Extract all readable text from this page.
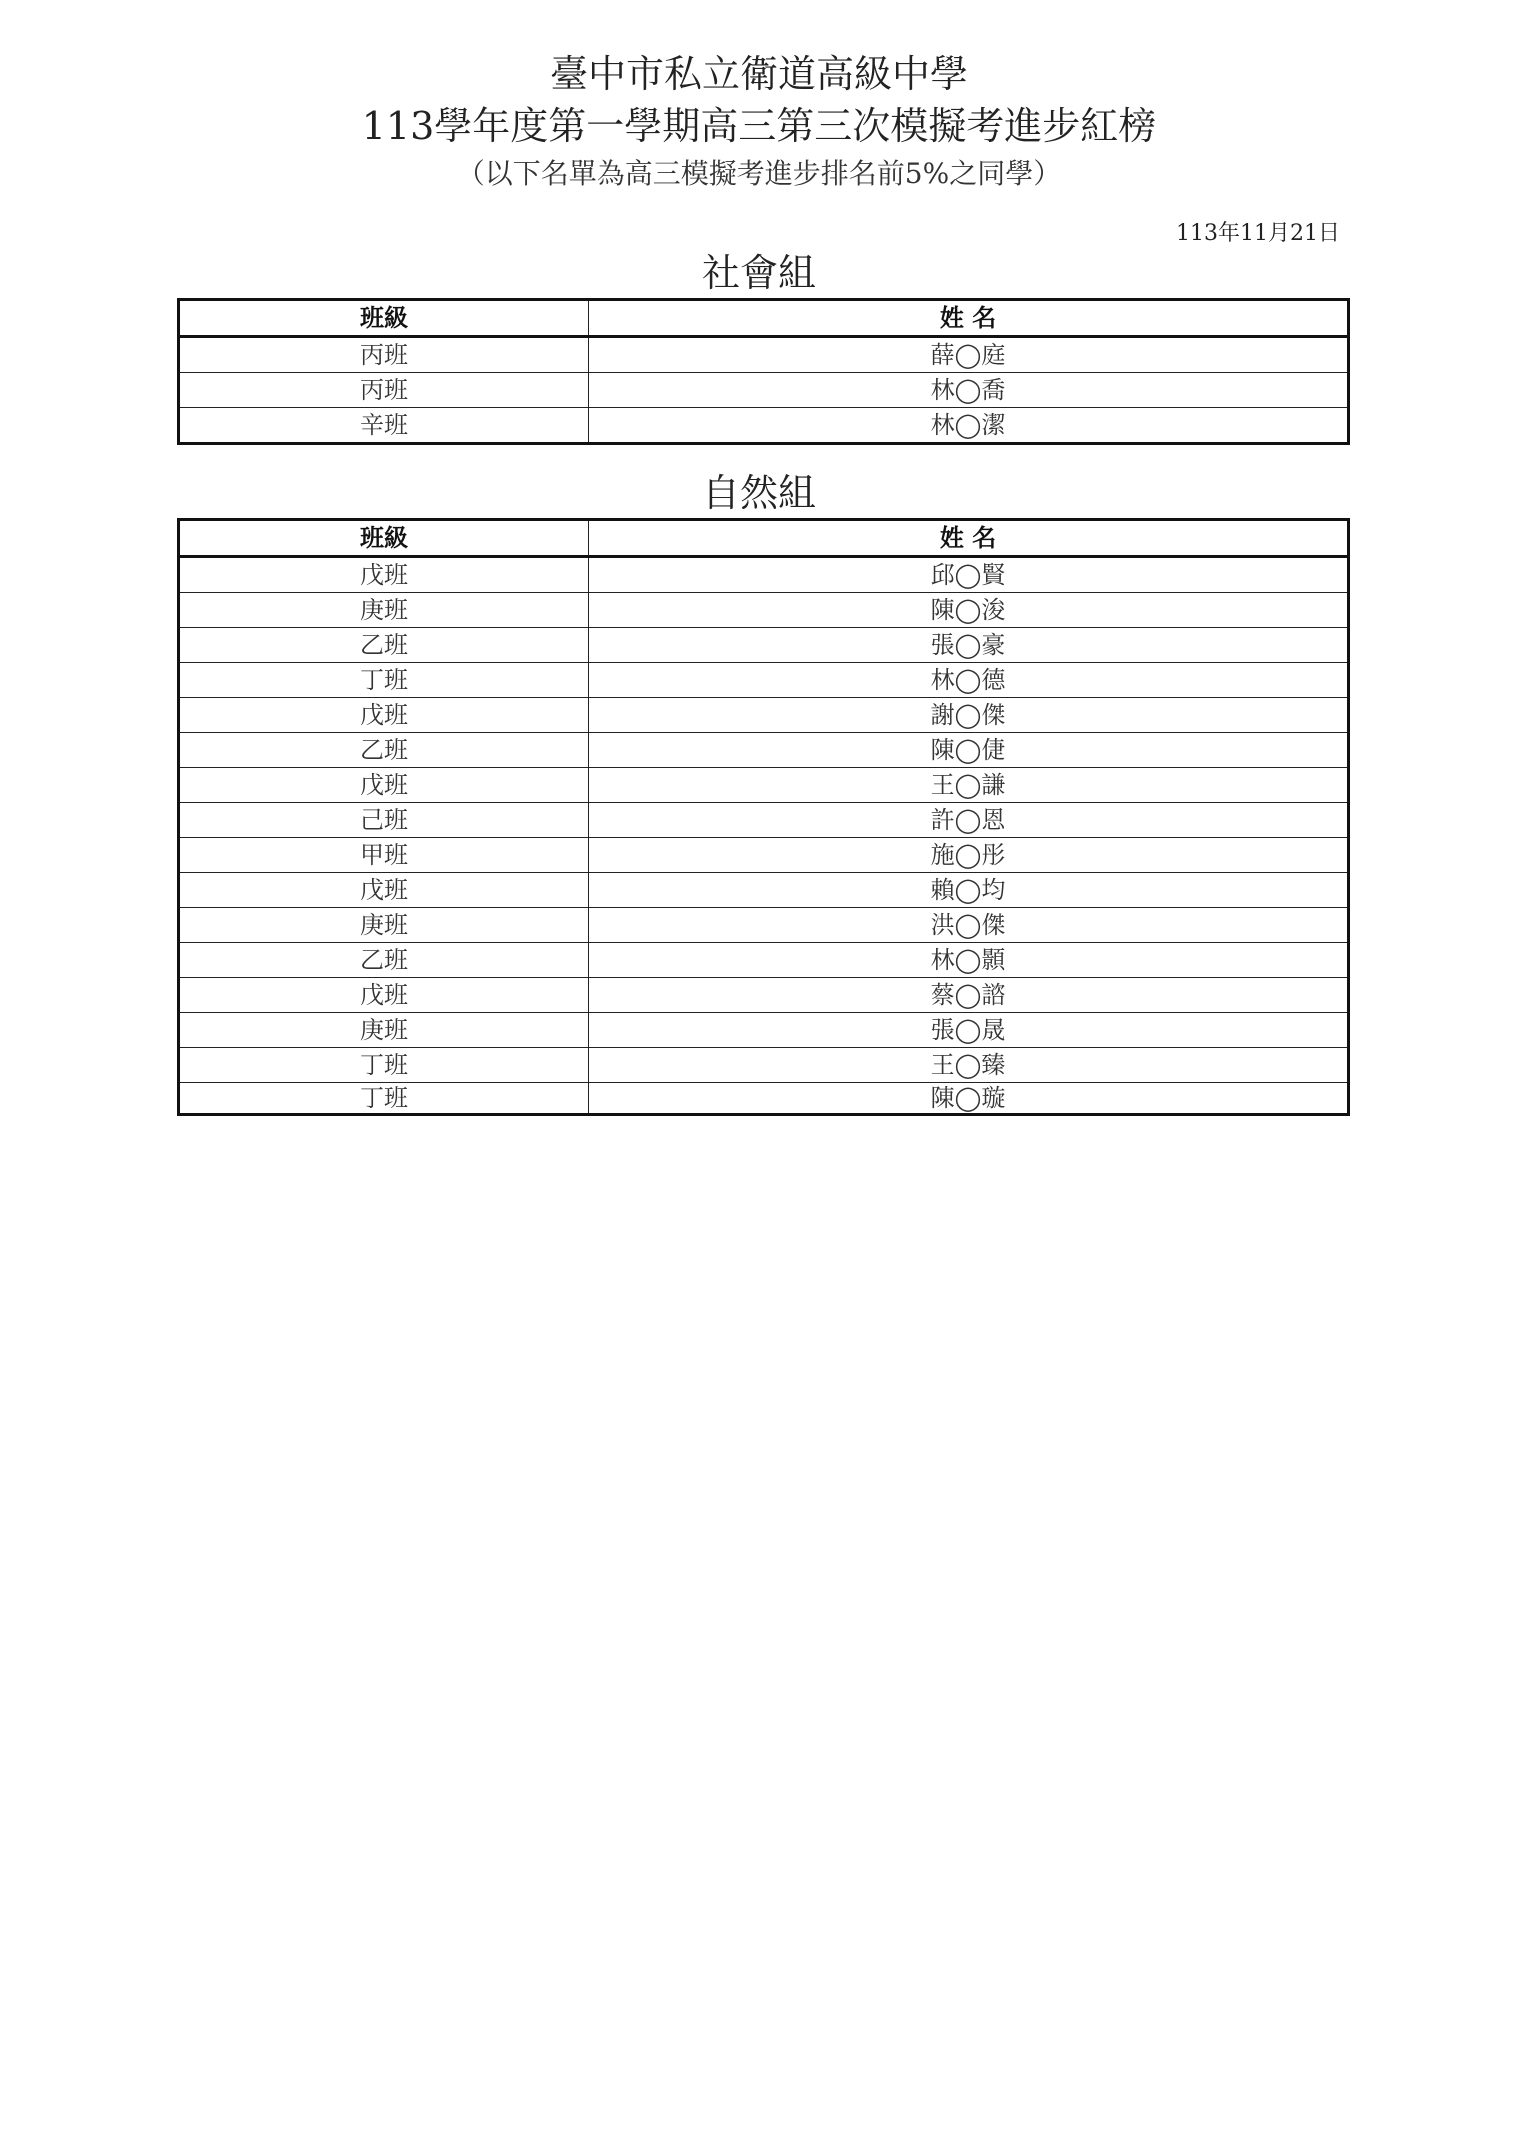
臺中市私立衛道高級中學
113學年度第一學期高三第三次模擬考進步紅榜
（以下名單為高三模擬考進步排名前5%之同學）
113年11月21日
社會組
班級	姓 名
丙班	薛◯庭
丙班	林◯喬
辛班	林◯潔
自然組
班級	姓 名
戊班	邱◯賢
庚班	陳◯浚
乙班	張◯豪
丁班	林◯德
戊班	謝◯傑
乙班	陳◯倢
戊班	王◯謙
己班	許◯恩
甲班	施◯彤
戊班	賴◯均
庚班	洪◯傑
乙班	林◯顥
戊班	蔡◯諮
庚班	張◯晟
丁班	王◯臻
丁班	陳◯璇
